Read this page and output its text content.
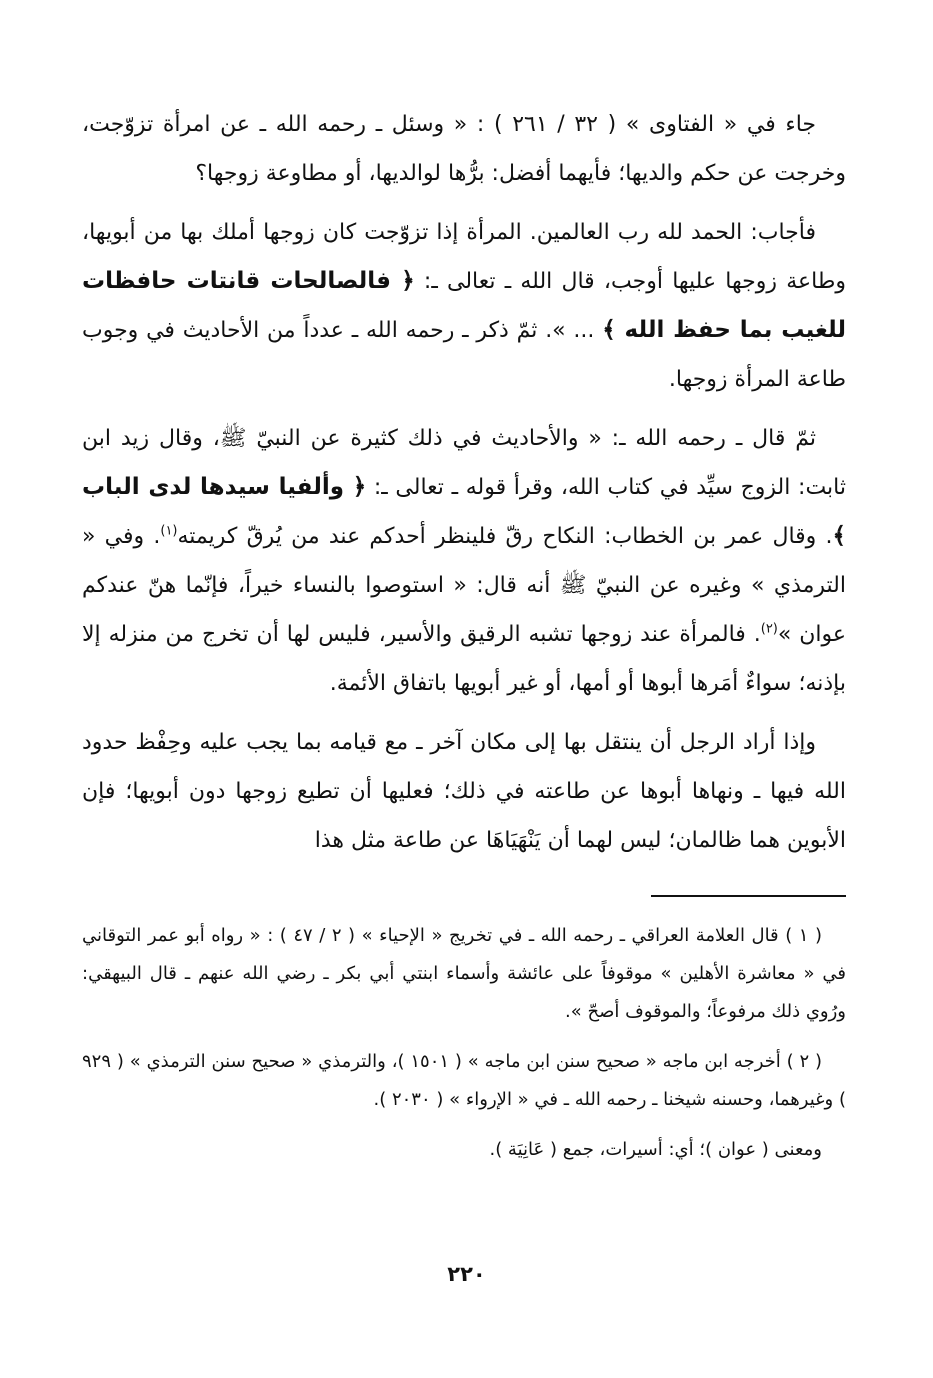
جاء في « الفتاوى » ( ٣٢ / ٢٦١ ) : « وسئل ـ رحمه الله ـ عن امرأة تزوّجت، وخرجت عن حكم والديها؛ فأيهما أفضل: برُّها لوالديها، أو مطاوعة زوجها؟

فأجاب: الحمد لله رب العالمين. المرأة إذا تزوّجت كان زوجها أملك بها من أبويها، وطاعة زوجها عليها أوجب، قال الله ـ تعالى ـ: ﴿ فالصالحات قانتات حافظات للغيب بما حفظ الله ﴾ ... ». ثمّ ذكر ـ رحمه الله ـ عدداً من الأحاديث في وجوب طاعة المرأة زوجها.

ثمّ قال ـ رحمه الله ـ: « والأحاديث في ذلك كثيرة عن النبيّ ﷺ، وقال زيد ابن ثابت: الزوج سيِّد في كتاب الله، وقرأ قوله ـ تعالى ـ: ﴿ وألفيا سيدها لدى الباب ﴾. وقال عمر بن الخطاب: النكاح رقّ فلينظر أحدكم عند من يُرقّ كريمته$^{(١)}$. وفي « الترمذي » وغيره عن النبيّ ﷺ أنه قال: « استوصوا بالنساء خيراً، فإنّما هنّ عندكم عوان »$^{(٢)}$. فالمرأة عند زوجها تشبه الرقيق والأسير، فليس لها أن تخرج من منزله إلا بإذنه؛ سواءٌ أمَرها أبوها أو أمها، أو غير أبويها باتفاق الأئمة.

وإذا أراد الرجل أن ينتقل بها إلى مكان آخر ـ مع قيامه بما يجب عليه وحِفْظ حدود الله فيها ـ ونهاها أبوها عن طاعته في ذلك؛ فعليها أن تطيع زوجها دون أبويها؛ فإن الأبوين هما ظالمان؛ ليس لهما أن يَنْهَيَاهَا عن طاعة مثل هذا

( ١ ) قال العلامة العراقي ـ رحمه الله ـ في تخريج « الإحياء » ( ٢ / ٤٧ ) : « رواه أبو عمر التوقاني في « معاشرة الأهلين » موقوفاً على عائشة وأسماء ابنتي أبي بكر ـ رضي الله عنهم ـ قال البيهقي: ورُوي ذلك مرفوعاً؛ والموقوف أصحّ ».

( ٢ ) أخرجه ابن ماجه « صحيح سنن ابن ماجه » ( ١٥٠١ )، والترمذي « صحيح سنن الترمذي » ( ٩٢٩ ) وغيرهما، وحسنه شيخنا ـ رحمه الله ـ في « الإرواء » ( ٢٠٣٠ ).

ومعنى ( عوان )؛ أي: أسيرات، جمع ( عَانِيَة ).

٢٢٠
